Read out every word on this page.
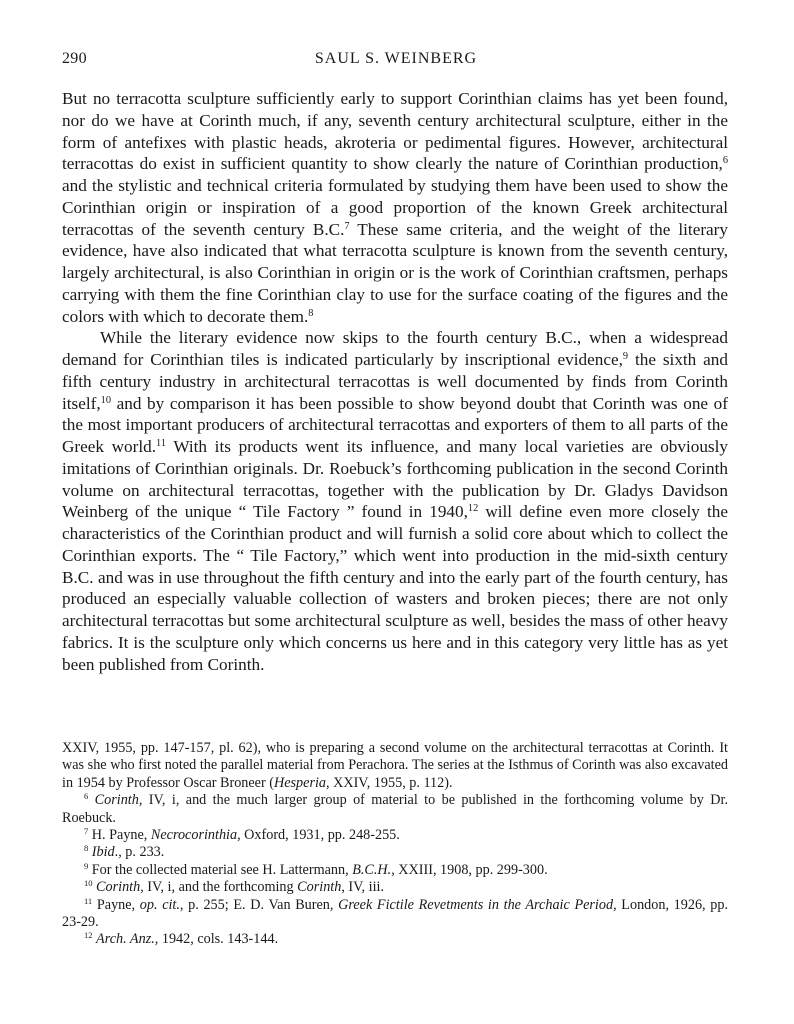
290	SAUL S. WEINBERG

But no terracotta sculpture sufficiently early to support Corinthian claims has yet been found, nor do we have at Corinth much, if any, seventh century architectural sculpture, either in the form of antefixes with plastic heads, akroteria or pedimental figures. However, architectural terracottas do exist in sufficient quantity to show clearly the nature of Corinthian production,$^6$ and the stylistic and technical criteria formulated by studying them have been used to show the Corinthian origin or inspiration of a good proportion of the known Greek architectural terracottas of the seventh century B.C.$^7$ These same criteria, and the weight of the literary evidence, have also indicated that what terracotta sculpture is known from the seventh century, largely architectural, is also Corinthian in origin or is the work of Corinthian craftsmen, perhaps carrying with them the fine Corinthian clay to use for the surface coating of the figures and the colors with which to decorate them.$^8$

While the literary evidence now skips to the fourth century B.C., when a widespread demand for Corinthian tiles is indicated particularly by inscriptional evidence,$^9$ the sixth and fifth century industry in architectural terracottas is well documented by finds from Corinth itself,$^{10}$ and by comparison it has been possible to show beyond doubt that Corinth was one of the most important producers of architectural terracottas and exporters of them to all parts of the Greek world.$^{11}$ With its products went its influence, and many local varieties are obviously imitations of Corinthian originals. Dr. Roebuck’s forthcoming publication in the second Corinth volume on architectural terracottas, together with the publication by Dr. Gladys Davidson Weinberg of the unique “ Tile Factory ” found in 1940,12 will define even more closely the characteristics of the Corinthian product and will furnish a solid core about which to collect the Corinthian exports. The “ Tile Factory,” which went into production in the mid-sixth century B.C. and was in use throughout the fifth century and into the early part of the fourth century, has produced an especially valuable collection of wasters and broken pieces; there are not only architectural terracottas but some architectural sculpture as well, besides the mass of other heavy fabrics. It is the sculpture only which concerns us here and in this category very little has as yet been published from Corinth.

XXIV, 1955, pp. 147-157, pl. 62), who is preparing a second volume on the architectural terracottas at Corinth. It was she who first noted the parallel material from Perachora. The series at the Isthmus of Corinth was also excavated in 1954 by Professor Oscar Broneer (Hesperia, XXIV, 1955, p. 112).

$^6$ Corinth, IV, i, and the much larger group of material to be published in the forthcoming volume by Dr. Roebuck.

$^7$ H. Payne, Necrocorinthia, Oxford, 1931, pp. 248-255.

$^8$ Ibid., p. 233.

$^9$ For the collected material see H. Lattermann, B.C.H., XXIII, 1908, pp. 299-300.

$^{10}$ Corinth, IV, i, and the forthcoming Corinth, IV, iii.

$^{11}$ Payne, op. cit., p. 255; E. D. Van Buren, Greek Fictile Revetments in the Archaic Period, London, 1926, pp. 23-29.

$^{12}$ Arch. Anz., 1942, cols. 143-144.
